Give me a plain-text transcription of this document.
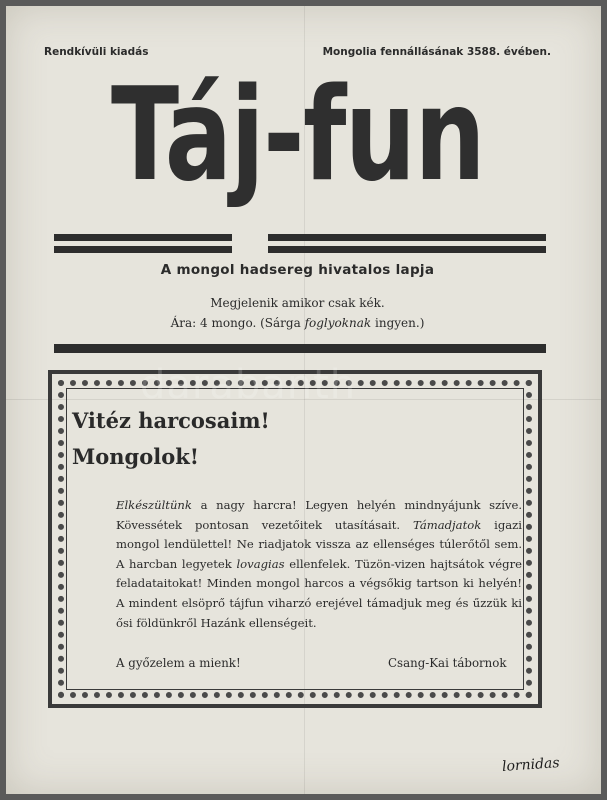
Rendkívüli kiadás	Mongolia fennállásának 3588. évében.
Táj-fun
A mongol hadsereg hivatalos lapja
Megjelenik amikor csak kék.
Ára: 4 mongo. (Sárga foglyoknak ingyen.)
darabanth
Vitéz harcosaim!
Mongolok!
Elkészültünk a nagy harcra! Legyen helyén mindnyájunk szíve. Kövessétek pontosan vezetőitek utasításait. Támadjatok igazi mongol lendülettel! Ne riadjatok vissza az ellenséges túlerőtől sem. A harcban legyetek lovagias ellenfelek. Tüzön-vizen hajtsátok végre feladataitokat! Minden mongol harcos a végsőkig tartson ki helyén! A mindent elsöprő tájfun viharzó erejével támadjuk meg és űzzük ki ősi földünkről Hazánk ellenségeit.
A győzelem a mienk!	Csang-Kai tábornok
lornidas
